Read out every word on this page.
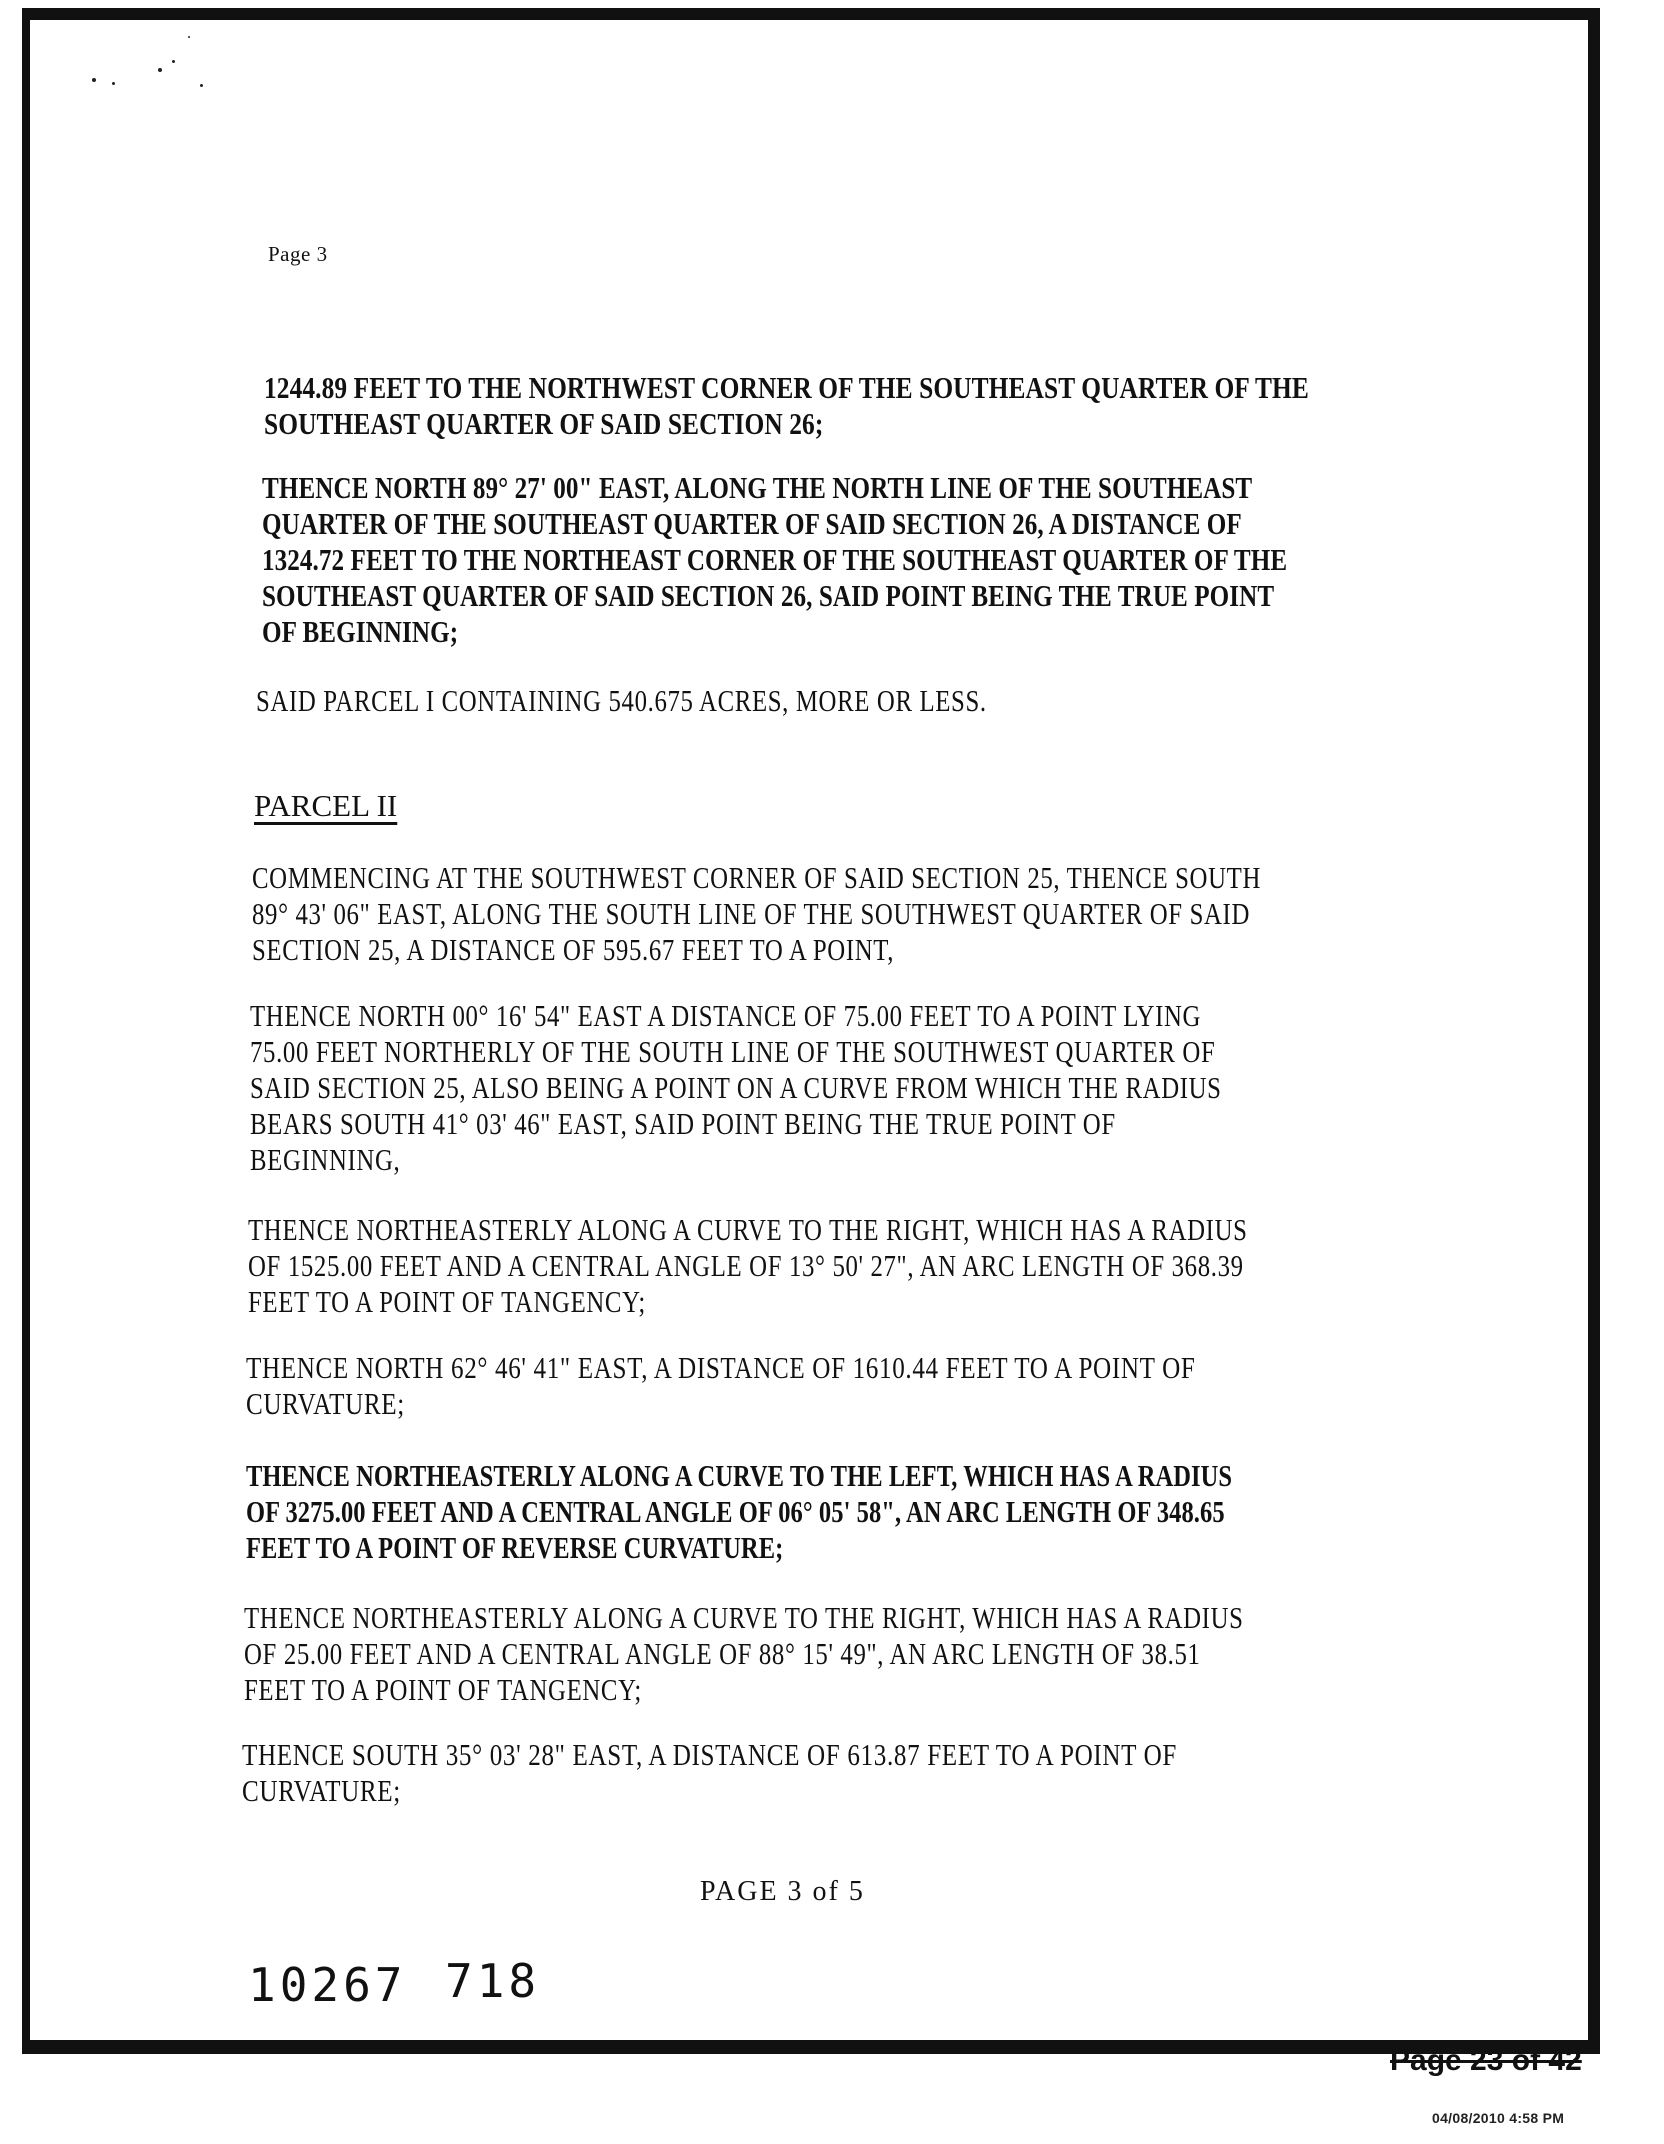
Page 3
1244.89 FEET TO THE NORTHWEST CORNER OF THE SOUTHEAST QUARTER OF THE
SOUTHEAST QUARTER OF SAID SECTION 26;
THENCE NORTH 89° 27' 00" EAST, ALONG THE NORTH LINE OF THE SOUTHEAST
QUARTER OF THE SOUTHEAST QUARTER OF SAID SECTION 26, A DISTANCE OF
1324.72 FEET TO THE NORTHEAST CORNER OF THE SOUTHEAST QUARTER OF THE
SOUTHEAST QUARTER OF SAID SECTION 26, SAID POINT BEING THE TRUE POINT
OF BEGINNING;
SAID PARCEL I CONTAINING 540.675 ACRES, MORE OR LESS.
PARCEL II
COMMENCING AT THE SOUTHWEST CORNER OF SAID SECTION 25, THENCE SOUTH
89° 43' 06" EAST, ALONG THE SOUTH LINE OF THE SOUTHWEST QUARTER OF SAID
SECTION 25, A DISTANCE OF 595.67 FEET TO A POINT,
THENCE NORTH 00° 16' 54" EAST A DISTANCE OF 75.00 FEET TO A POINT LYING
75.00 FEET NORTHERLY OF THE SOUTH LINE OF THE SOUTHWEST QUARTER OF
SAID SECTION 25, ALSO BEING A POINT ON A CURVE FROM WHICH THE RADIUS
BEARS SOUTH 41° 03' 46" EAST, SAID POINT BEING THE TRUE POINT OF
BEGINNING,
THENCE NORTHEASTERLY ALONG A CURVE TO THE RIGHT, WHICH HAS A RADIUS
OF 1525.00 FEET AND A CENTRAL ANGLE OF 13° 50' 27", AN ARC LENGTH OF 368.39
FEET TO A POINT OF TANGENCY;
THENCE NORTH 62° 46' 41" EAST, A DISTANCE OF 1610.44 FEET TO A POINT OF
CURVATURE;
THENCE NORTHEASTERLY ALONG A CURVE TO THE LEFT, WHICH HAS A RADIUS
OF 3275.00 FEET AND A CENTRAL ANGLE OF 06° 05' 58", AN ARC LENGTH OF 348.65
FEET TO A POINT OF REVERSE CURVATURE;
THENCE NORTHEASTERLY ALONG A CURVE TO THE RIGHT, WHICH HAS A RADIUS
OF 25.00 FEET AND A CENTRAL ANGLE OF 88° 15' 49", AN ARC LENGTH OF 38.51
FEET TO A POINT OF TANGENCY;
THENCE SOUTH 35° 03' 28" EAST, A DISTANCE OF 613.87 FEET TO A POINT OF
CURVATURE;
PAGE 3 of 5
10267 718
Page 23 of 42
04/08/2010 4:58 PM
